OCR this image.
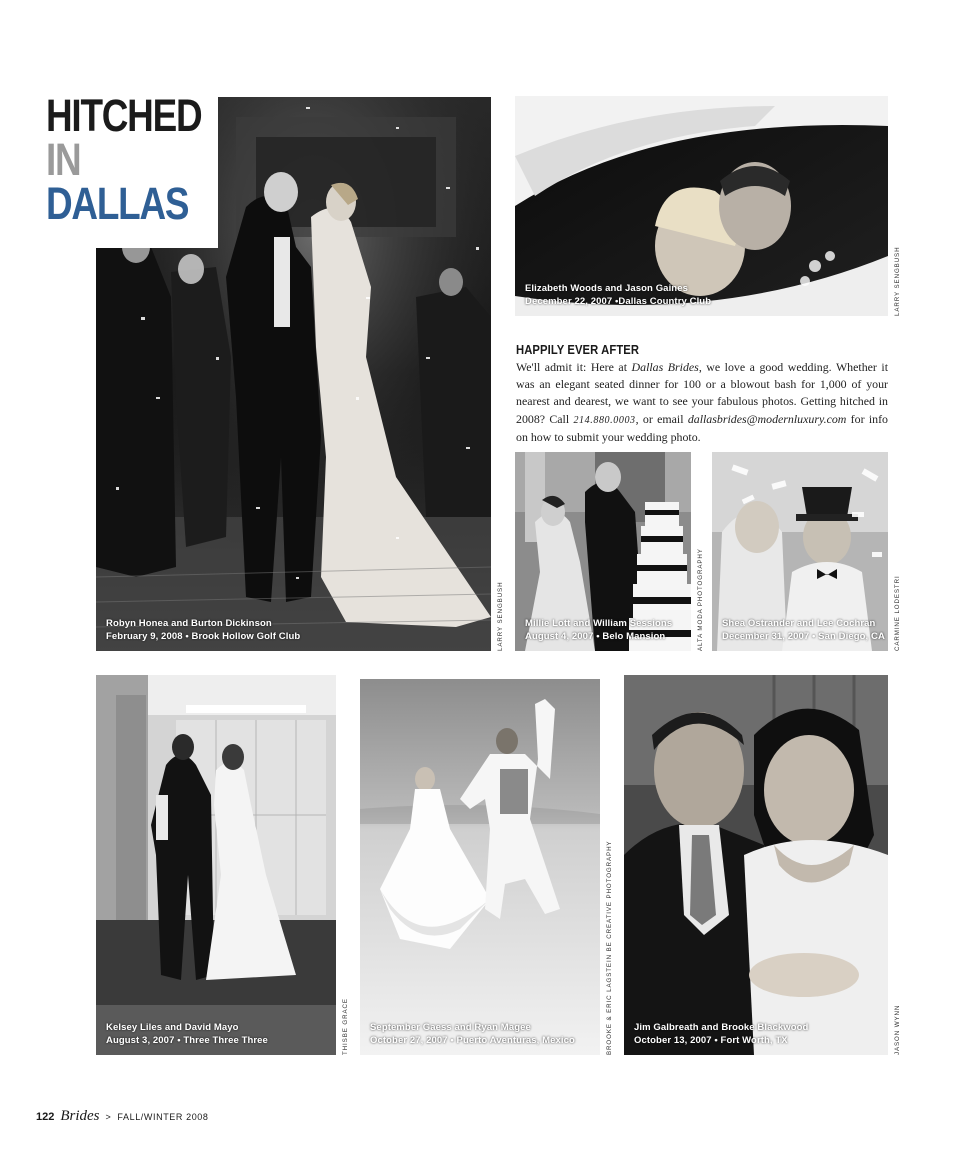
Robyn Honea and Burton Dickinson
February 9, 2008 • Brook Hollow Golf Club	LARRY SENGBUSH
HITCHED
IN
DALLAS
Elizabeth Woods and Jason Gaines
December 22, 2007 •Dallas Country Club	LARRY SENGBUSH
HAPPILY EVER AFTER
We'll admit it: Here at Dallas Brides, we love a good wedding. Whether it was an elegant seated dinner for 100 or a blowout bash for 1,000 of your nearest and dearest, we want to see your fabulous photos. Getting hitched in 2008? Call 214.880.0003, or email dallasbrides@modernluxury.com for info on how to submit your wedding photo.
Millie Lott and William Sessions
August 4, 2007 • Belo Mansion	ALTA MODA PHOTOGRAPHY Shea Ostrander and Lee Cochran
December 31, 2007 • San Diego, CA CARMINE LODESTRI
Kelsey Liles and David Mayo
August 3, 2007 • Three Three Three	THISBE GRACE September Gaess and Ryan Magee
October 27, 2007 • Puerto Aventuras, Mexico	BROOKE & ERIC LAGSTEIN BE CREATIVE PHOTOGRAPHY Jim Galbreath and Brooke Blackwood
October 13, 2007 • Fort Worth, TX	JASON WYNN
122 Brides > FALL/WINTER 2008
